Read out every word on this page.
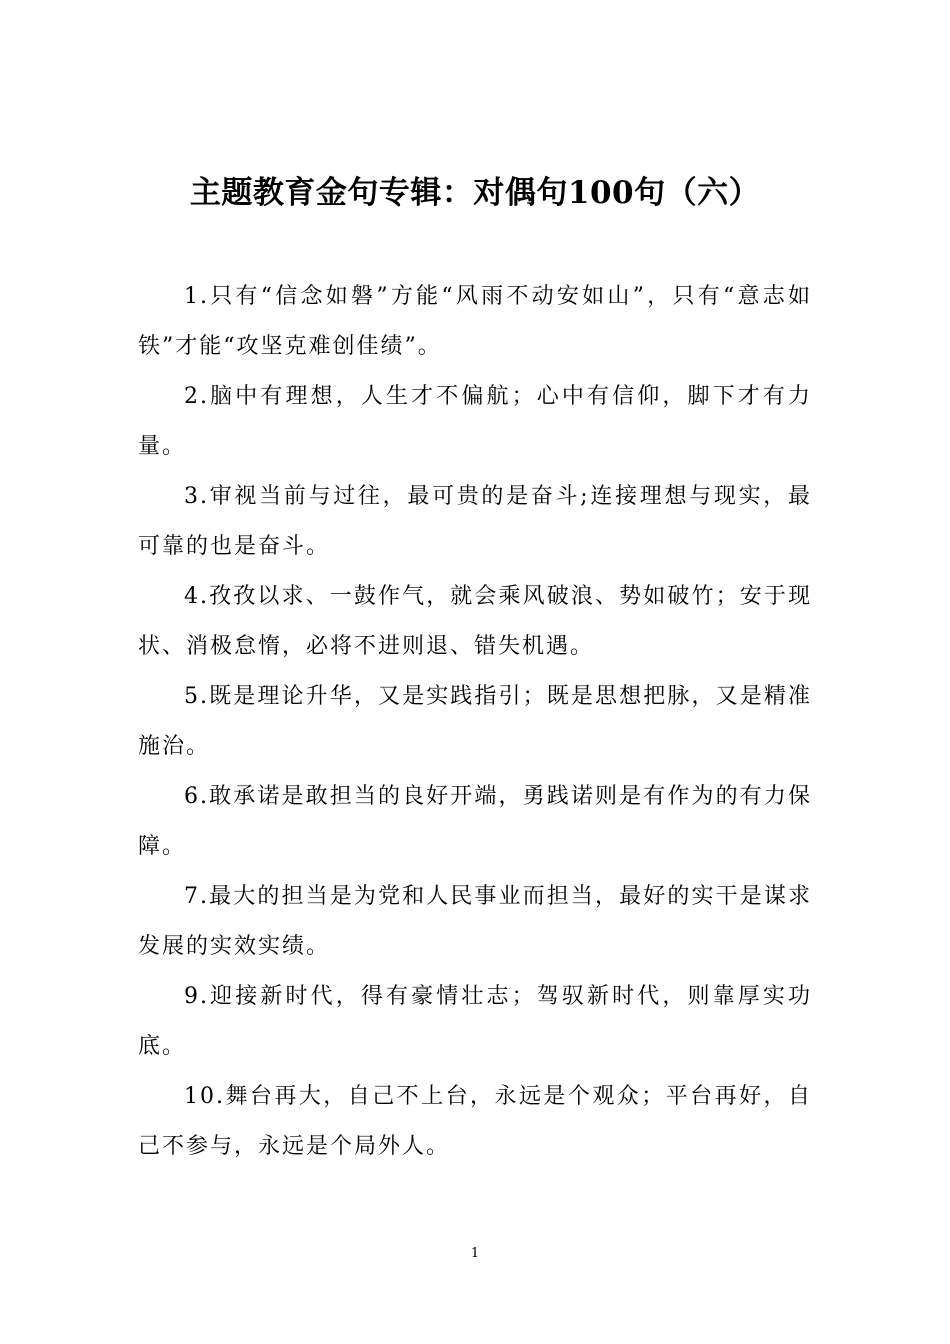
主题教育金句专辑：对偶句100句（六）

1.只有“信念如磐”方能“风雨不动安如山”，只有“意志如铁”才能“攻坚克难创佳绩”。

2.脑中有理想，人生才不偏航；心中有信仰，脚下才有力量。

3.审视当前与过往，最可贵的是奋斗;连接理想与现实，最可靠的也是奋斗。

4.孜孜以求、一鼓作气，就会乘风破浪、势如破竹；安于现状、消极怠惰，必将不进则退、错失机遇。

5.既是理论升华，又是实践指引；既是思想把脉，又是精准施治。

6.敢承诺是敢担当的良好开端，勇践诺则是有作为的有力保障。

7.最大的担当是为党和人民事业而担当，最好的实干是谋求发展的实效实绩。

9.迎接新时代，得有豪情壮志；驾驭新时代，则靠厚实功底。

10.舞台再大，自己不上台，永远是个观众；平台再好，自己不参与，永远是个局外人。

1
